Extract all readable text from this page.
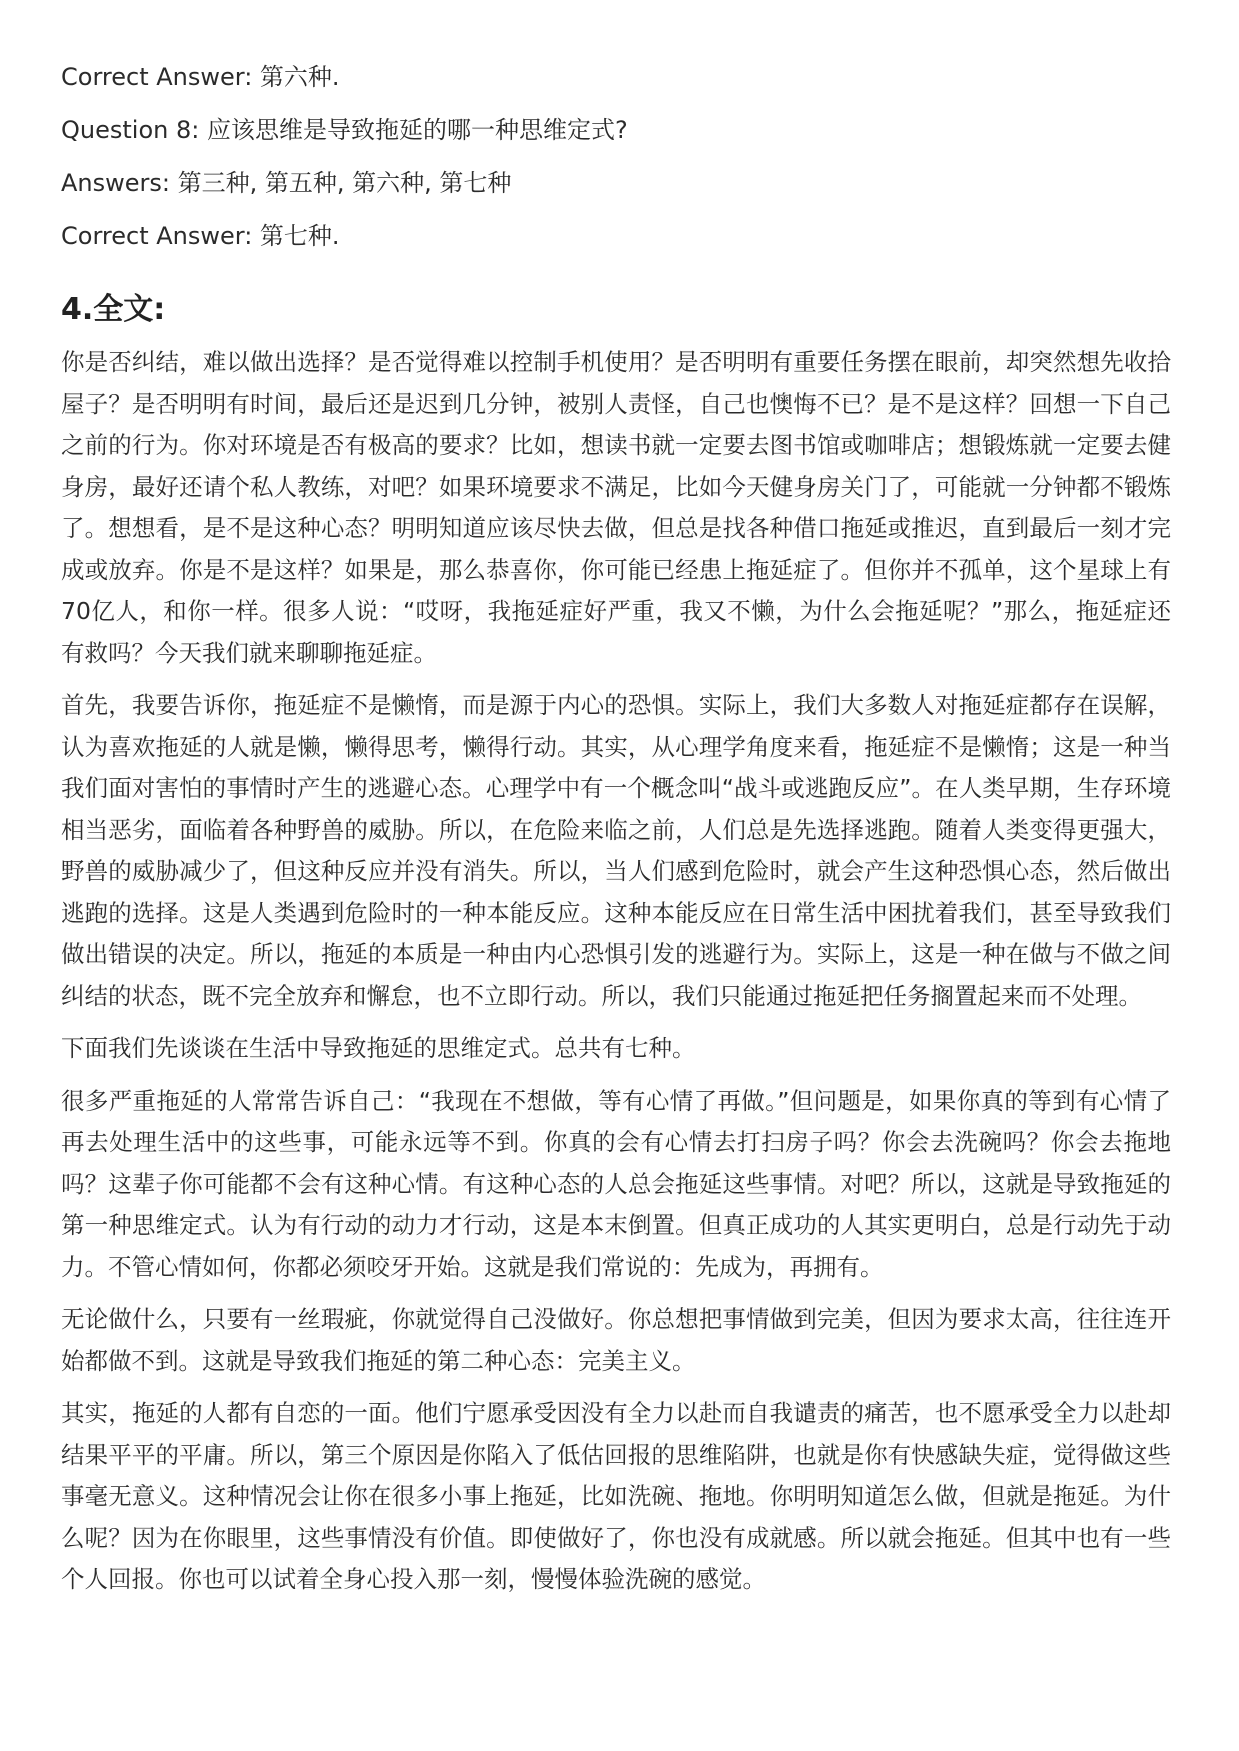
Correct Answer: 第六种.

Question 8: 应该思维是导致拖延的哪一种思维定式?

Answers: 第三种, 第五种, 第六种, 第七种

Correct Answer: 第七种.

4.全文:

你是否纠结，难以做出选择？是否觉得难以控制手机使用？是否明明有重要任务摆在眼前，却突然想先收拾屋子？是否明明有时间，最后还是迟到几分钟，被别人责怪，自己也懊悔不已？是不是这样？回想一下自己之前的行为。你对环境是否有极高的要求？比如，想读书就一定要去图书馆或咖啡店；想锻炼就一定要去健身房，最好还请个私人教练，对吧？如果环境要求不满足，比如今天健身房关门了，可能就一分钟都不锻炼了。想想看，是不是这种心态？明明知道应该尽快去做，但总是找各种借口拖延或推迟，直到最后一刻才完成或放弃。你是不是这样？如果是，那么恭喜你，你可能已经患上拖延症了。但你并不孤单，这个星球上有70亿人，和你一样。很多人说：“哎呀，我拖延症好严重，我又不懒，为什么会拖延呢？”那么，拖延症还有救吗？今天我们就来聊聊拖延症。

首先，我要告诉你，拖延症不是懒惰，而是源于内心的恐惧。实际上，我们大多数人对拖延症都存在误解，认为喜欢拖延的人就是懒，懒得思考，懒得行动。其实，从心理学角度来看，拖延症不是懒惰；这是一种当我们面对害怕的事情时产生的逃避心态。心理学中有一个概念叫“战斗或逃跑反应”。在人类早期，生存环境相当恶劣，面临着各种野兽的威胁。所以，在危险来临之前，人们总是先选择逃跑。随着人类变得更强大，野兽的威胁减少了，但这种反应并没有消失。所以，当人们感到危险时，就会产生这种恐惧心态，然后做出逃跑的选择。这是人类遇到危险时的一种本能反应。这种本能反应在日常生活中困扰着我们，甚至导致我们做出错误的决定。所以，拖延的本质是一种由内心恐惧引发的逃避行为。实际上，这是一种在做与不做之间纠结的状态，既不完全放弃和懈怠，也不立即行动。所以，我们只能通过拖延把任务搁置起来而不处理。

下面我们先谈谈在生活中导致拖延的思维定式。总共有七种。

很多严重拖延的人常常告诉自己：“我现在不想做，等有心情了再做。”但问题是，如果你真的等到有心情了再去处理生活中的这些事，可能永远等不到。你真的会有心情去打扫房子吗？你会去洗碗吗？你会去拖地吗？这辈子你可能都不会有这种心情。有这种心态的人总会拖延这些事情。对吧？所以，这就是导致拖延的第一种思维定式。认为有行动的动力才行动，这是本末倒置。但真正成功的人其实更明白，总是行动先于动力。不管心情如何，你都必须咬牙开始。这就是我们常说的：先成为，再拥有。

无论做什么，只要有一丝瑕疵，你就觉得自己没做好。你总想把事情做到完美，但因为要求太高，往往连开始都做不到。这就是导致我们拖延的第二种心态：完美主义。

其实，拖延的人都有自恋的一面。他们宁愿承受因没有全力以赴而自我谴责的痛苦，也不愿承受全力以赴却结果平平的平庸。所以，第三个原因是你陷入了低估回报的思维陷阱，也就是你有快感缺失症，觉得做这些事毫无意义。这种情况会让你在很多小事上拖延，比如洗碗、拖地。你明明知道怎么做，但就是拖延。为什么呢？因为在你眼里，这些事情没有价值。即使做好了，你也没有成就感。所以就会拖延。但其中也有一些个人回报。你也可以试着全身心投入那一刻，慢慢体验洗碗的感觉。
